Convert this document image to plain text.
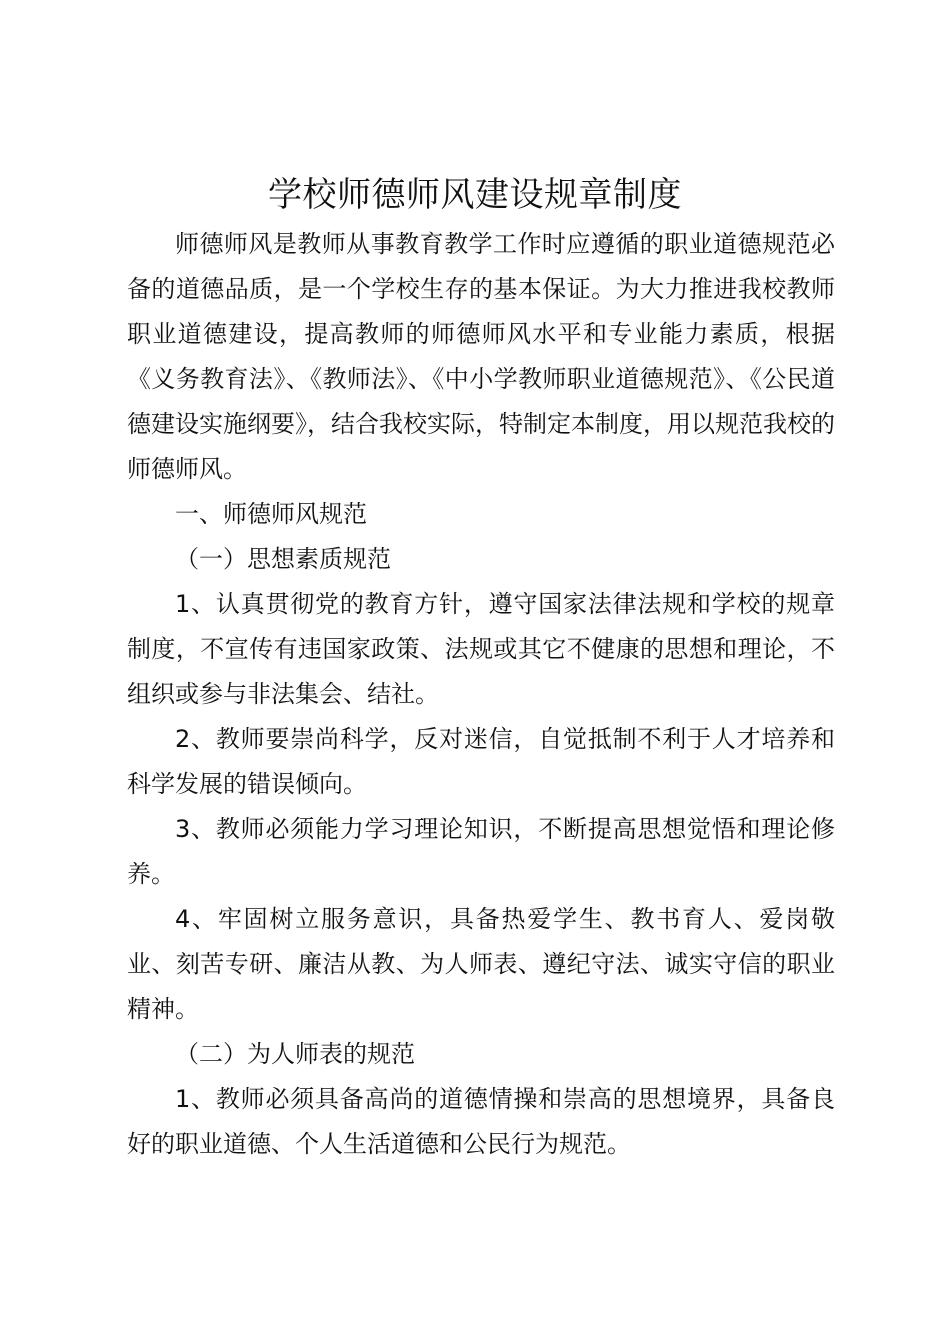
学校师德师风建设规章制度

师德师风是教师从事教育教学工作时应遵循的职业道德规范必备的道德品质，是一个学校生存的基本保证。为大力推进我校教师职业道德建设，提高教师的师德师风水平和专业能力素质，根据《义务教育法》、《教师法》、《中小学教师职业道德规范》、《公民道德建设实施纲要》，结合我校实际，特制定本制度，用以规范我校的师德师风。

一、师德师风规范

（一）思想素质规范

1、认真贯彻党的教育方针，遵守国家法律法规和学校的规章制度，不宣传有违国家政策、法规或其它不健康的思想和理论，不组织或参与非法集会、结社。

2、教师要崇尚科学，反对迷信，自觉抵制不利于人才培养和科学发展的错误倾向。

3、教师必须能力学习理论知识，不断提高思想觉悟和理论修养。

4、牢固树立服务意识，具备热爱学生、教书育人、爱岗敬业、刻苦专研、廉洁从教、为人师表、遵纪守法、诚实守信的职业精神。

（二）为人师表的规范

1、教师必须具备高尚的道德情操和崇高的思想境界，具备良好的职业道德、个人生活道德和公民行为规范。
